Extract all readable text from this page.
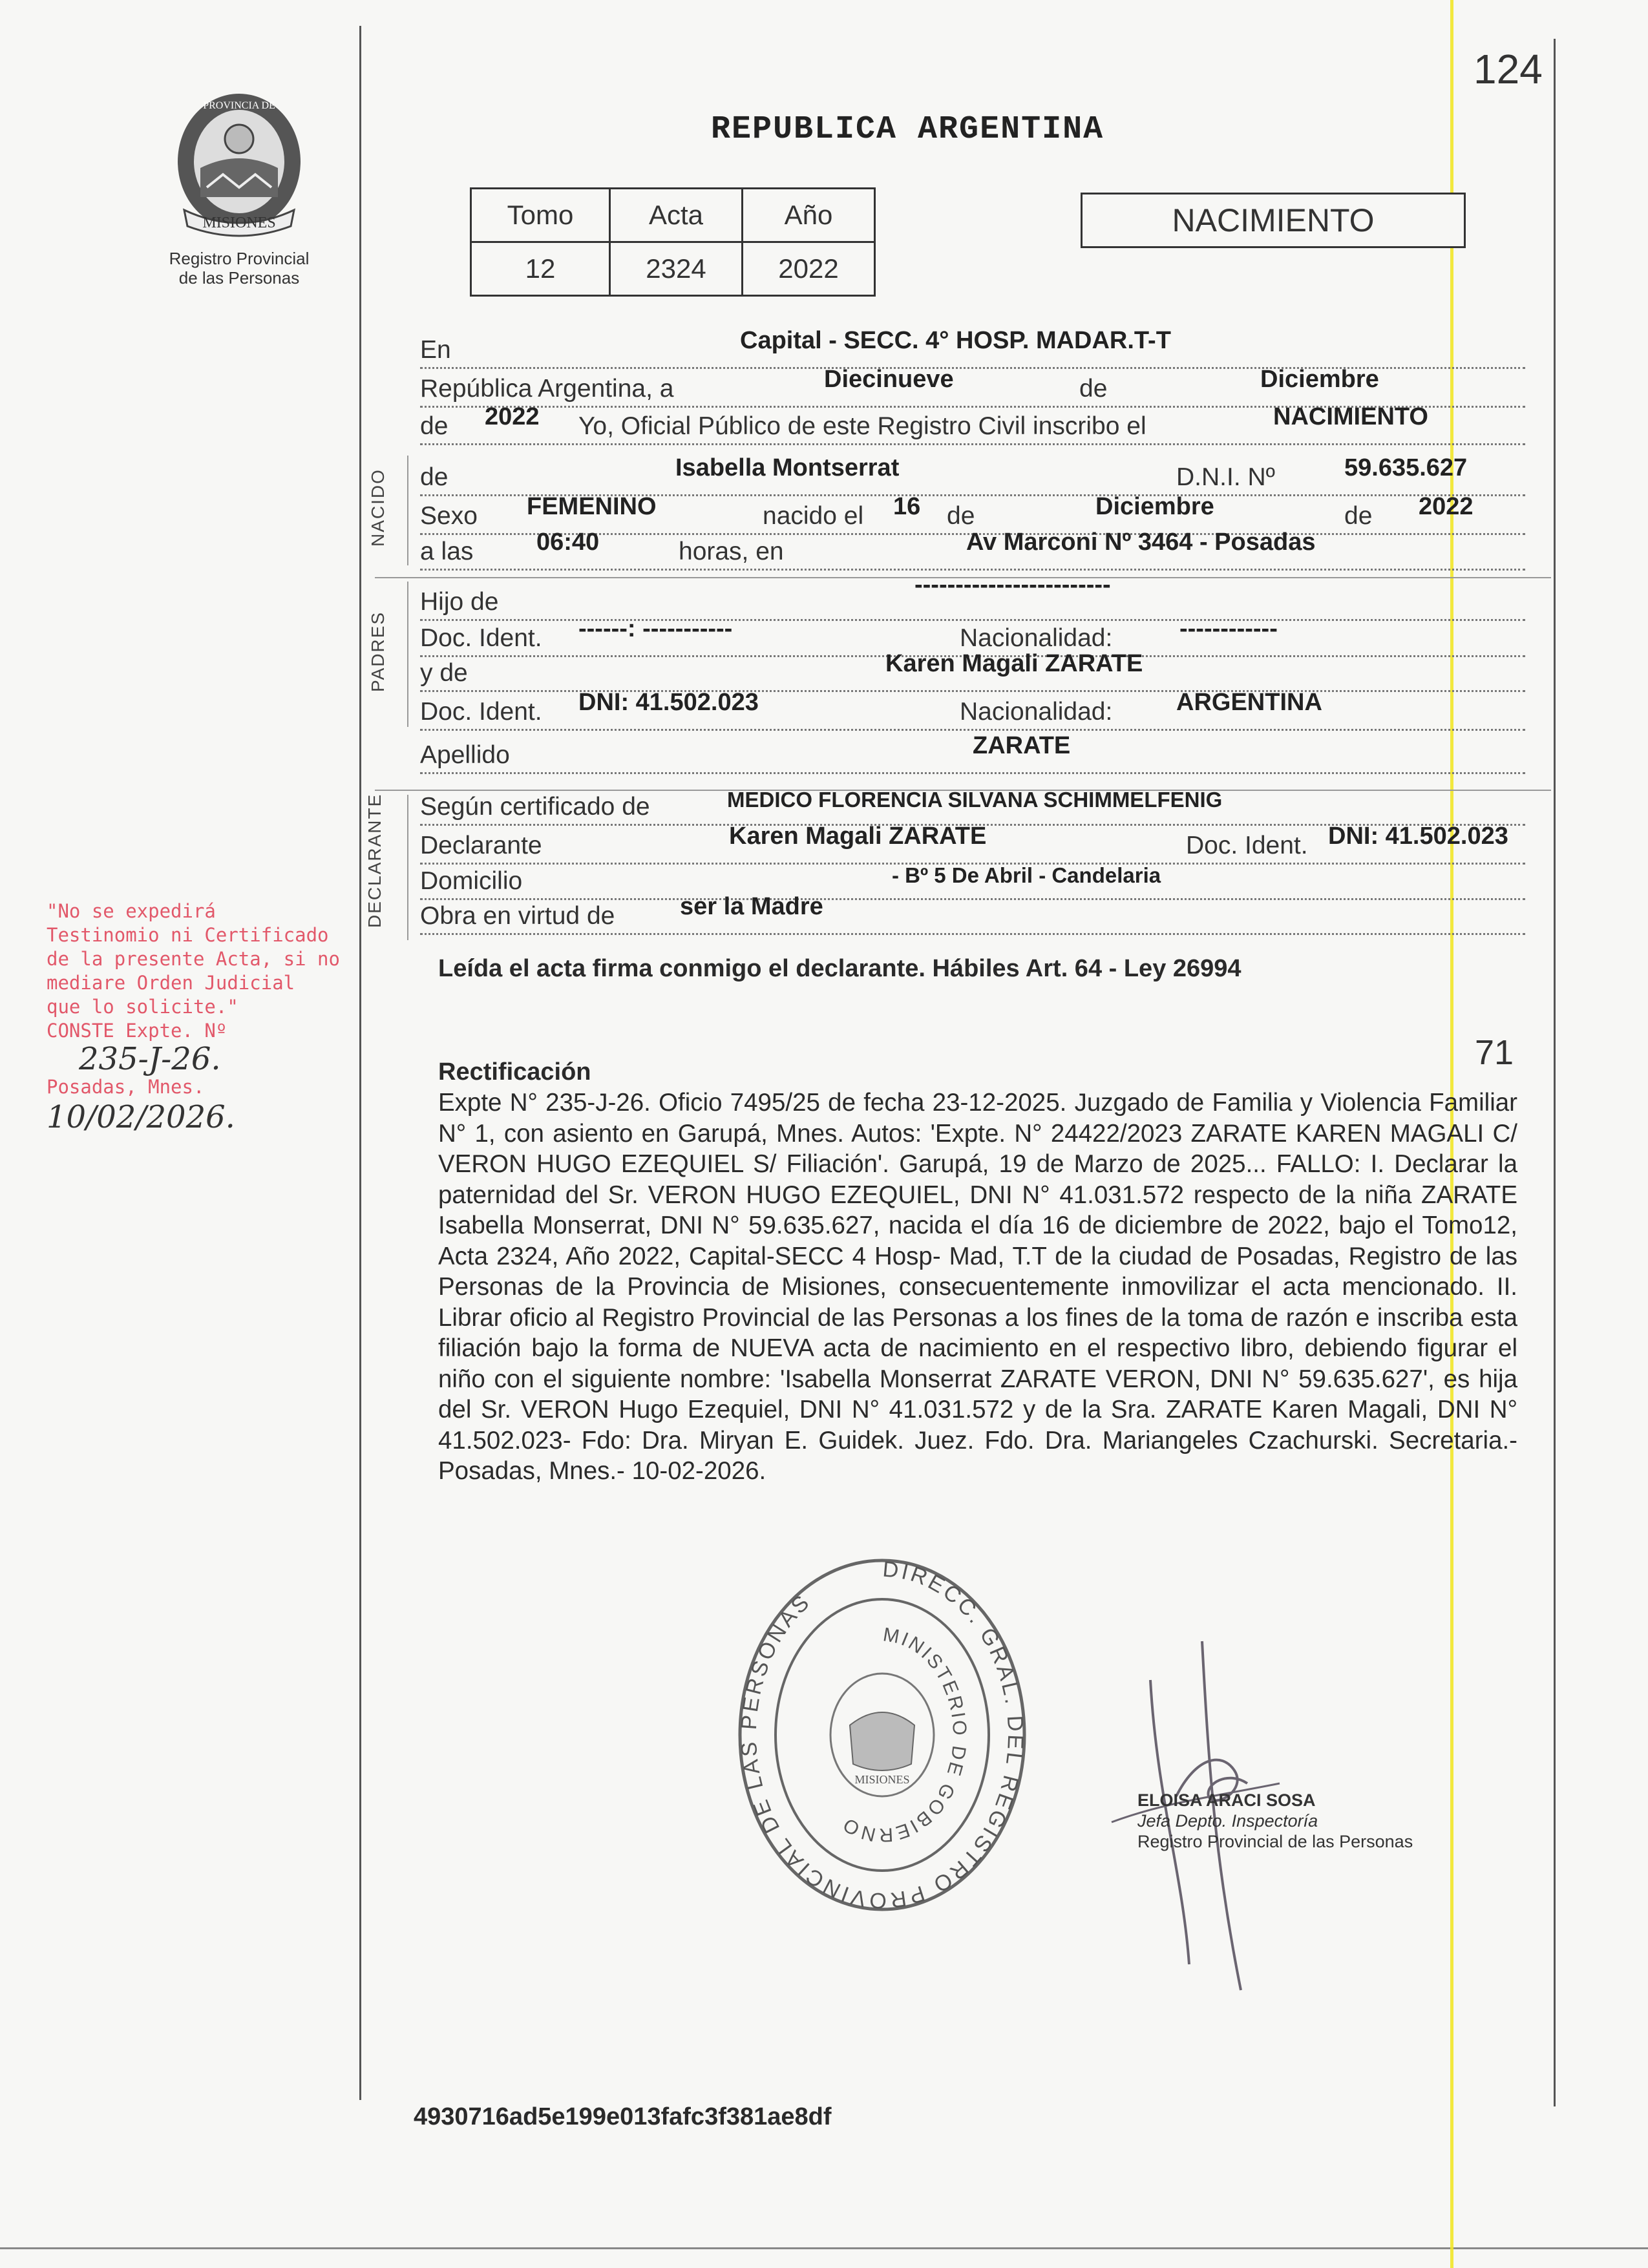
124
REPUBLICA ARGENTINA
MISIONES
PROVINCIA DE
Registro Provincial
de las Personas
Tomo	Acta	Año
12	2324	2022
NACIMIENTO
En	Capital - SECC. 4° HOSP. MADAR.T-T
República Argentina, a	Diecinueve	de	Diciembre
de 2022 Yo, Oficial Público de este Registro Civil inscribo el	NACIMIENTO
NACIDO de	Isabella Montserrat	D.N.I. Nº	59.635.627
Sexo FEMENINO	nacido el 16 de	Diciembre	de 2022
a las	06:40	horas, en	Av Marconi Nº 3464 - Posadas
PADRES
Hijo de
------------------------
Doc. Ident. ------: -----------	Nacionalidad:	------------
y de	Karen Magali ZARATE
Doc. Ident. DNI: 41.502.023	Nacionalidad:	ARGENTINA
Apellido	ZARATE
DECLARANTE Según certificado de	MEDICO FLORENCIA SILVANA SCHIMMELFENIG
Declarante	Karen Magali ZARATE	Doc. Ident. DNI: 41.502.023
Domicilio	- Bº 5 De Abril - Candelaria
Obra en virtud de	ser la Madre
Leída el acta firma conmigo el declarante. Hábiles Art. 64 - Ley 26994
"No se expedirá
Testinomio ni Certificado
de la presente Acta, si no
mediare Orden Judicial
que lo solicite."
CONSTE Expte. Nº
235-J-26.
Posadas, Mnes.
10/02/2026.
71
Rectificación
Expte N° 235-J-26. Oficio 7495/25 de fecha 23-12-2025. Juzgado de Familia y Violencia Familiar N° 1, con asiento en Garupá, Mnes. Autos: 'Expte. N° 24422/2023 ZARATE KAREN MAGALI C/ VERON HUGO EZEQUIEL S/ Filiación'. Garupá, 19 de Marzo de 2025... FALLO: I. Declarar la paternidad del Sr. VERON HUGO EZEQUIEL, DNI N° 41.031.572 respecto de la niña ZARATE Isabella Monserrat, DNI N° 59.635.627, nacida el día 16 de diciembre de 2022, bajo el Tomo12, Acta 2324, Año 2022, Capital-SECC 4 Hosp- Mad, T.T de la ciudad de Posadas, Registro de las Personas de la Provincia de Misiones, consecuentemente inmovilizar el acta mencionado. II. Librar oficio al Registro Provincial de las Personas a los fines de la toma de razón e inscriba esta filiación bajo la forma de NUEVA acta de nacimiento en el respectivo libro, debiendo figurar el niño con el siguiente nombre: 'Isabella Monserrat ZARATE VERON, DNI N° 59.635.627', es hija del Sr. VERON Hugo Ezequiel, DNI N° 41.031.572 y de la Sra. ZARATE Karen Magali, DNI N° 41.502.023- Fdo: Dra. Miryan E. Guidek. Juez. Fdo. Dra. Mariangeles Czachurski. Secretaria.- Posadas, Mnes.- 10-02-2026.
DIRECC. GRAL. DEL REGISTRO PROVINCIAL DE LAS PERSONAS
MINISTERIO DE GOBIERNO
MISIONES
ELOISA ARACI SOSA
Jefa Depto. Inspectoría
Registro Provincial de las Personas
4930716ad5e199e013fafc3f381ae8df
